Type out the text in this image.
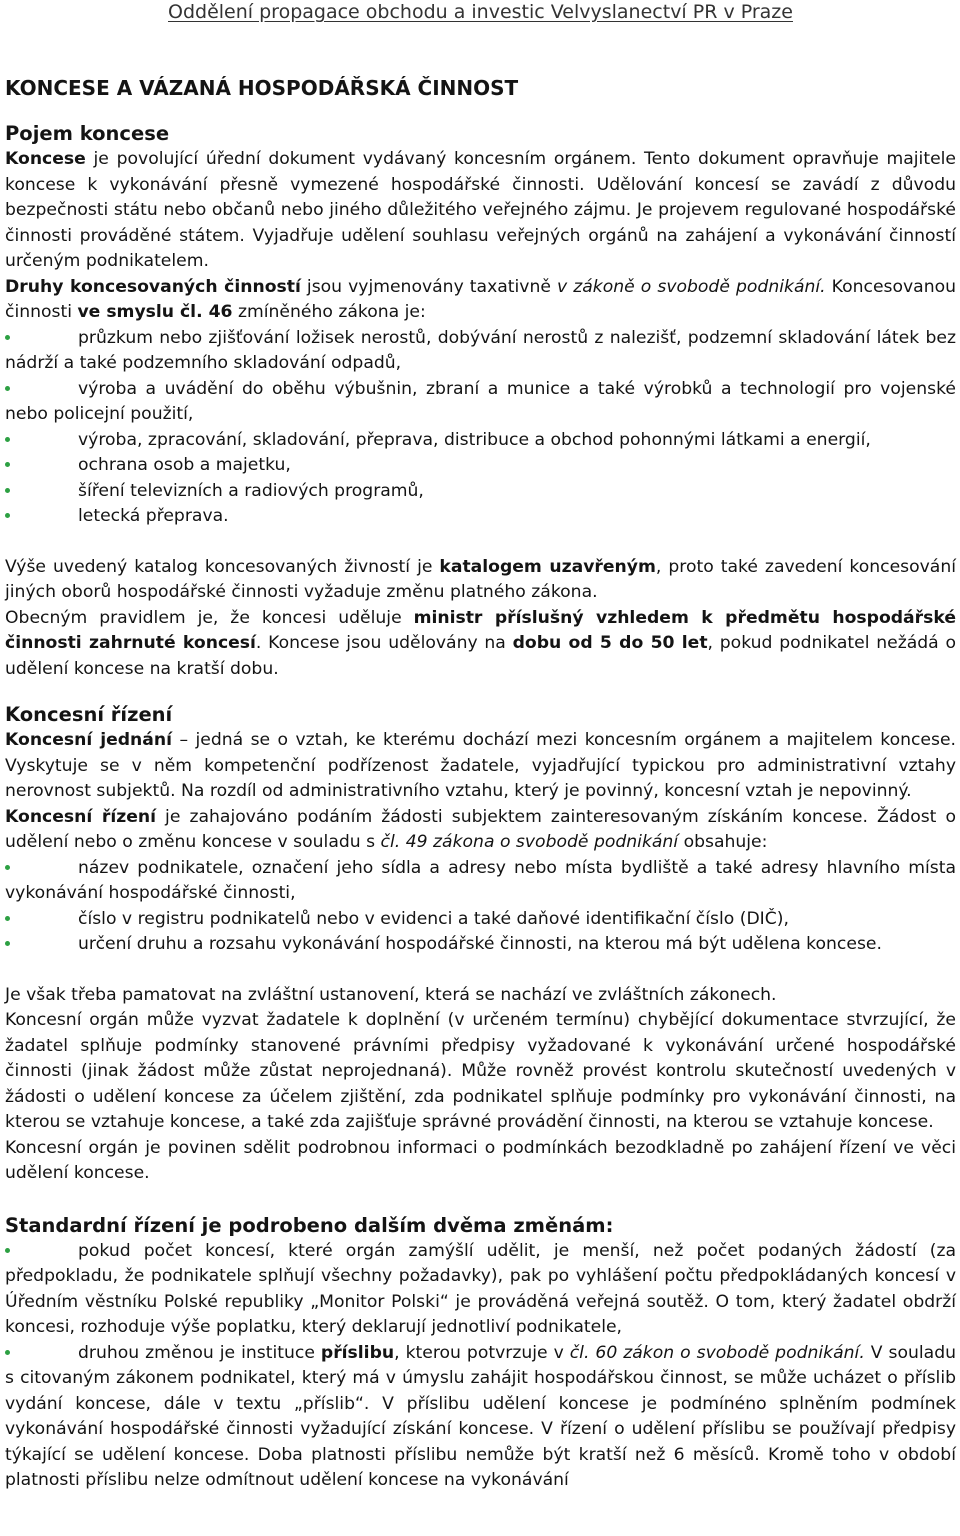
Oddělení propagace obchodu a investic Velvyslanectví PR v Praze
KONCESE A VÁZANÁ HOSPODÁŘSKÁ ČINNOST
Pojem koncese

Koncese je povolující úřední dokument vydávaný koncesním orgánem. Tento dokument opravňuje majitele koncese k vykonávání přesně vymezené hospodářské činnosti. Udělování koncesí se zavádí z důvodu bezpečnosti státu nebo občanů nebo jiného důležitého veřejného zájmu. Je projevem regulované hospodářské činnosti prováděné státem. Vyjadřuje udělení souhlasu veřejných orgánů na zahájení a vykonávání činností určeným podnikatelem.

Druhy koncesovaných činností jsou vyjmenovány taxativně v zákoně o svobodě podnikání. Koncesovanou činnosti ve smyslu čl. 46 zmíněného zákona je:

průzkum nebo zjišťování ložisek nerostů, dobývání nerostů z nalezišť, podzemní skladování látek bez nádrží a také podzemního skladování odpadů,
výroba a uvádění do oběhu výbušnin, zbraní a munice a také výrobků a technologií pro vojenské nebo policejní použití,
výroba, zpracování, skladování, přeprava, distribuce a obchod pohonnými látkami a energií,
ochrana osob a majetku,
šíření televizních a radiových programů,
letecká přeprava.

Výše uvedený katalog koncesovaných živností je katalogem uzavřeným, proto také zavedení koncesování jiných oborů hospodářské činnosti vyžaduje změnu platného zákona.

Obecným pravidlem je, že koncesi uděluje ministr příslušný vzhledem k předmětu hospodářské činnosti zahrnuté koncesí. Koncese jsou udělovány na dobu od 5 do 50 let, pokud podnikatel nežádá o udělení koncese na kratší dobu.

Koncesní řízení

Koncesní jednání – jedná se o vztah, ke kterému dochází mezi koncesním orgánem a majitelem koncese. Vyskytuje se v něm kompetenční podřízenost žadatele, vyjadřující typickou pro administrativní vztahy nerovnost subjektů. Na rozdíl od administrativního vztahu, který je povinný, koncesní vztah je nepovinný.

Koncesní řízení je zahajováno podáním žádosti subjektem zainteresovaným získáním koncese. Žádost o udělení nebo o změnu koncese v souladu s čl. 49 zákona o svobodě podnikání obsahuje:

název podnikatele, označení jeho sídla a adresy nebo místa bydliště a také adresy hlavního místa vykonávání hospodářské činnosti,
číslo v registru podnikatelů nebo v evidenci a také daňové identifikační číslo (DIČ),
určení druhu a rozsahu vykonávání hospodářské činnosti, na kterou má být udělena koncese.

Je však třeba pamatovat na zvláštní ustanovení, která se nachází ve zvláštních zákonech.

Koncesní orgán může vyzvat žadatele k doplnění (v určeném termínu) chybějící dokumentace stvrzující, že žadatel splňuje podmínky stanovené právními předpisy vyžadované k vykonávání určené hospodářské činnosti (jinak žádost může zůstat neprojednaná). Může rovněž provést kontrolu skutečností uvedených v žádosti o udělení koncese za účelem zjištění, zda podnikatel splňuje podmínky pro vykonávání činnosti, na kterou se vztahuje koncese, a také zda zajišťuje správné provádění činnosti, na kterou se vztahuje koncese.

Koncesní orgán je povinen sdělit podrobnou informaci o podmínkách bezodkladně po zahájení řízení ve věci udělení koncese.

Standardní řízení je podrobeno dalším dvěma změnám:
pokud počet koncesí, které orgán zamýšlí udělit, je menší, než počet podaných žádostí (za předpokladu, že podnikatele splňují všechny požadavky), pak po vyhlášení počtu předpokládaných koncesí v Úředním věstníku Polské republiky „Monitor Polski“ je prováděná veřejná soutěž. O tom, který žadatel obdrží koncesi, rozhoduje výše poplatku, který deklarují jednotliví podnikatele,
druhou změnou je instituce příslibu, kterou potvrzuje v čl. 60 zákon o svobodě podnikání. V souladu s citovaným zákonem podnikatel, který má v úmyslu zahájit hospodářskou činnost, se může ucházet o příslib vydání koncese, dále v textu „příslib“. V příslibu udělení koncese je podmínéno splněním podmínek vykonávání hospodářské činnosti vyžadující získání koncese. V řízení o udělení příslibu se používají předpisy týkající se udělení koncese. Doba platnosti příslibu nemůže být kratší než 6 měsíců. Kromě toho v období platnosti příslibu nelze odmítnout udělení koncese na vykonávání
